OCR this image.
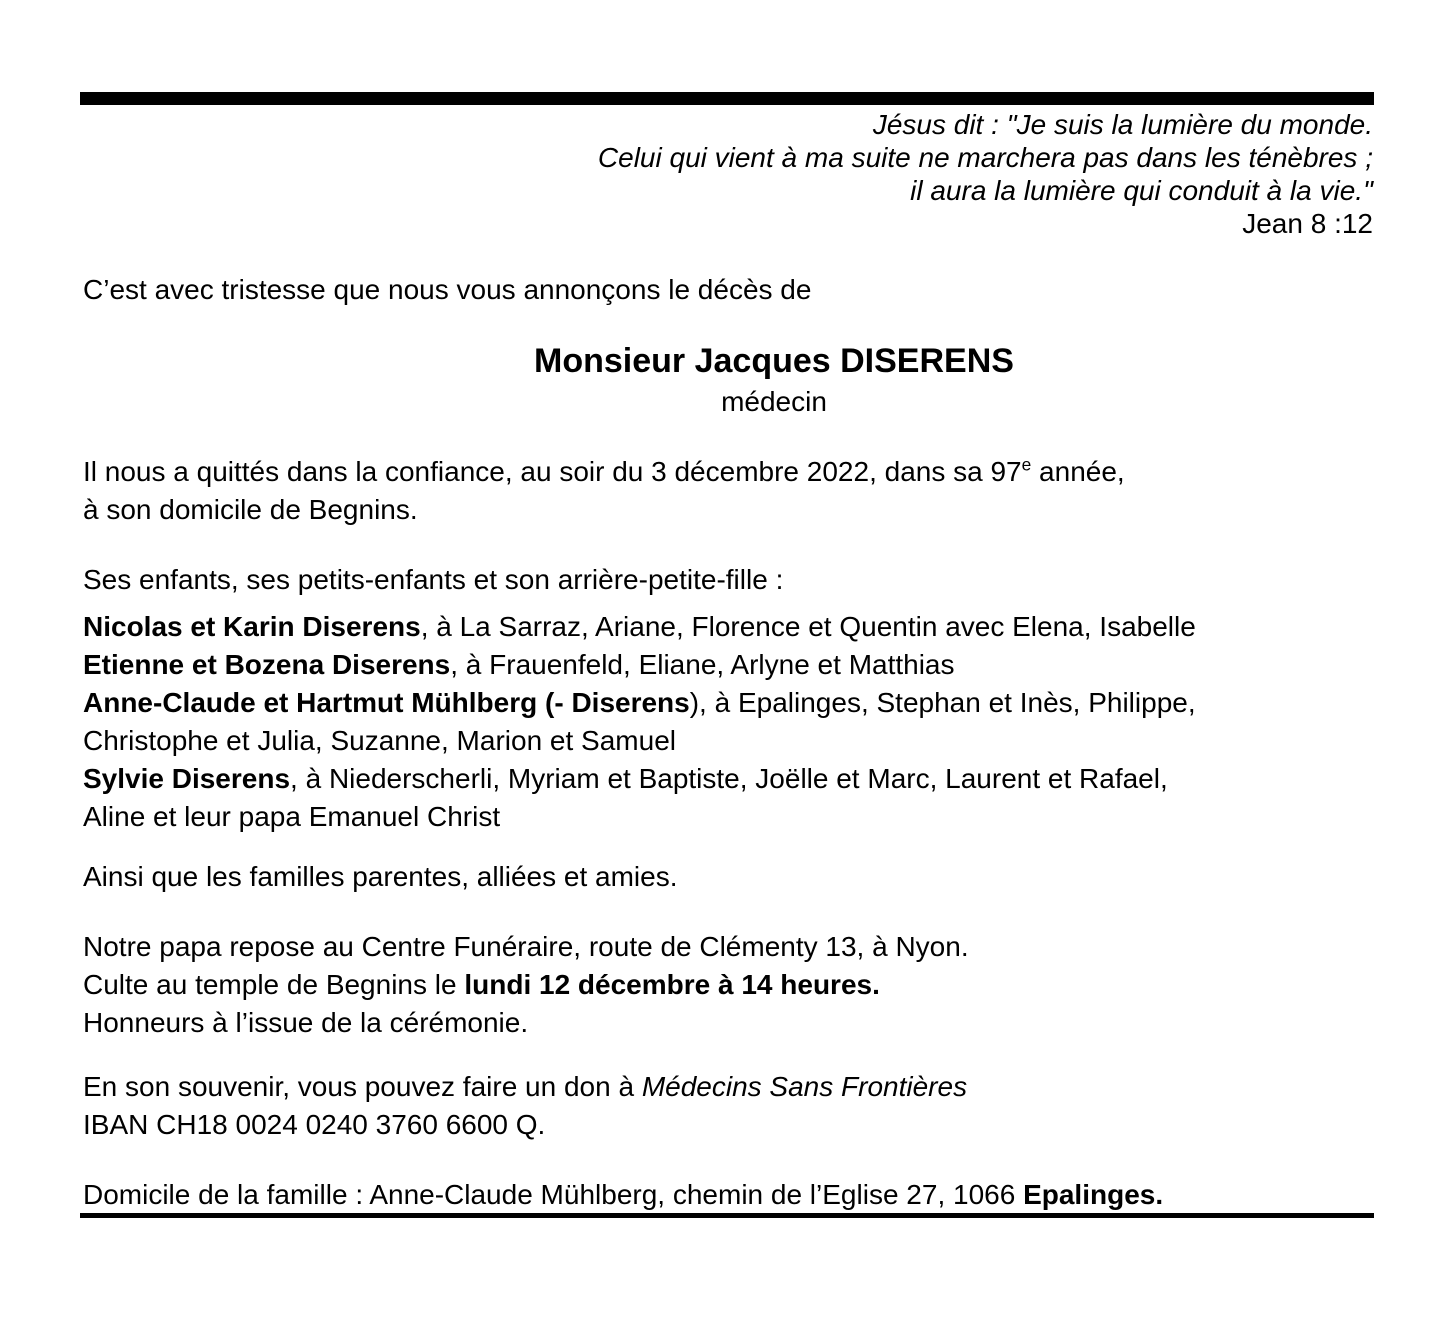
Jésus dit : "Je suis la lumière du monde.
Celui qui vient à ma suite ne marchera pas dans les ténèbres ;
il aura la lumière qui conduit à la vie."
Jean 8 :12

C’est avec tristesse que nous vous annonçons le décès de

Monsieur Jacques DISERENS
médecin

Il nous a quittés dans la confiance, au soir du 3 décembre 2022, dans sa 97e année,
à son domicile de Begnins.

Ses enfants, ses petits-enfants et son arrière-petite-fille :

Nicolas et Karin Diserens, à La Sarraz, Ariane, Florence et Quentin avec Elena, Isabelle
Etienne et Bozena Diserens, à Frauenfeld, Eliane, Arlyne et Matthias
Anne-Claude et Hartmut Mühlberg (- Diserens), à Epalinges, Stephan et Inès, Philippe,
Christophe et Julia, Suzanne, Marion et Samuel
Sylvie Diserens, à Niederscherli, Myriam et Baptiste, Joëlle et Marc, Laurent et Rafael,
Aline et leur papa Emanuel Christ

Ainsi que les familles parentes, alliées et amies.

Notre papa repose au Centre Funéraire, route de Clémenty 13, à Nyon.
Culte au temple de Begnins le lundi 12 décembre à 14 heures.
Honneurs à l’issue de la cérémonie.

En son souvenir, vous pouvez faire un don à Médecins Sans Frontières
IBAN CH18 0024 0240 3760 6600 Q.

Domicile de la famille : Anne-Claude Mühlberg, chemin de l’Eglise 27, 1066 Epalinges.
